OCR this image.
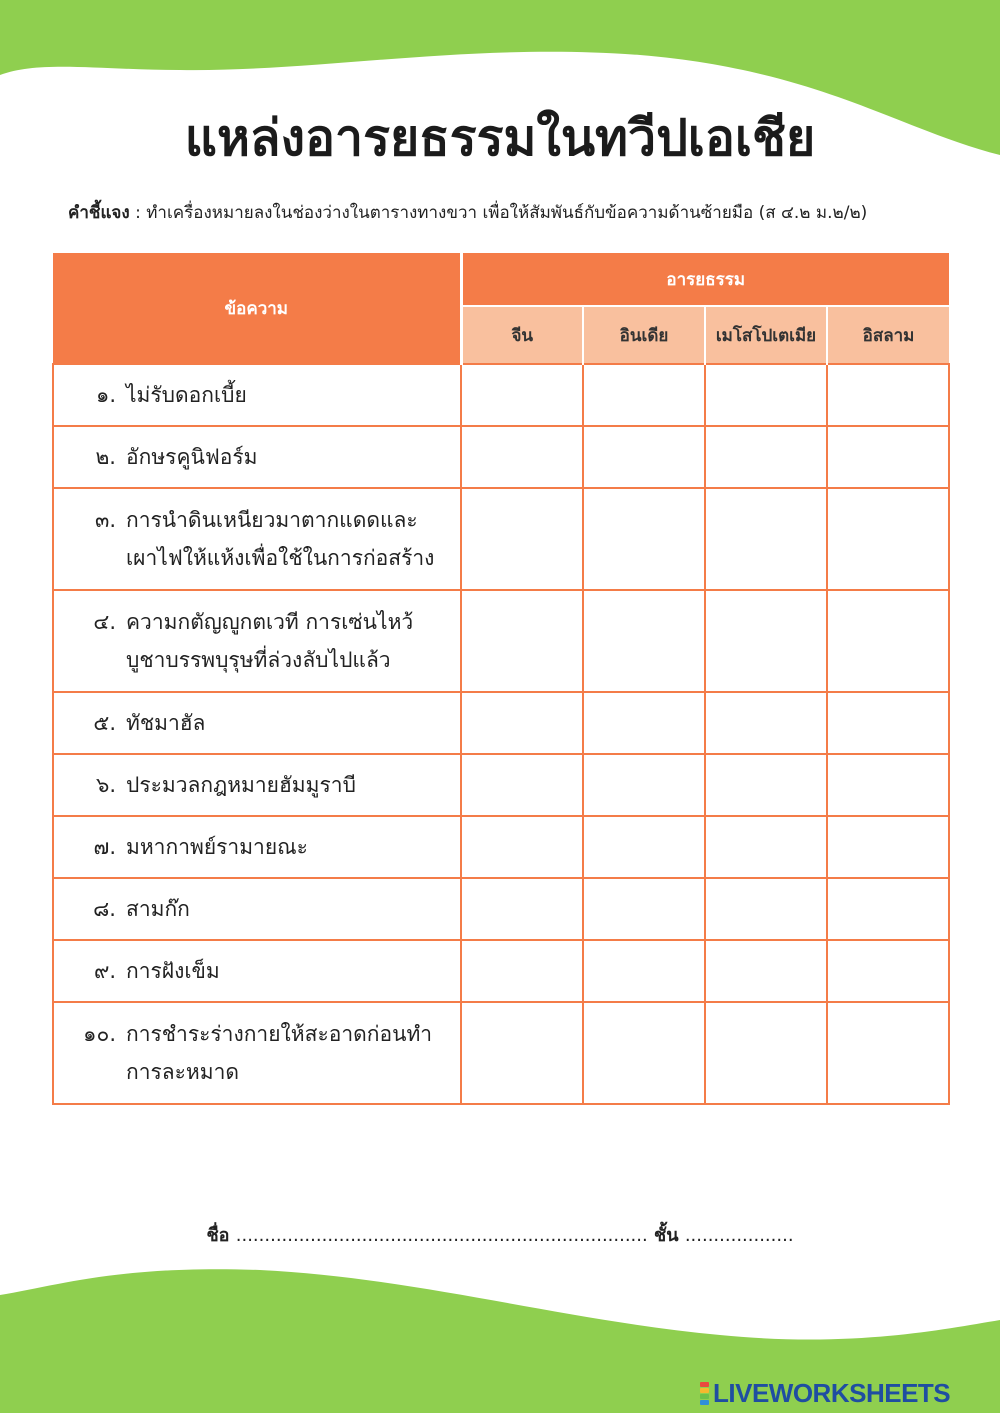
แหล่งอารยธรรมในทวีปเอเชีย
คำชี้แจง : ทำเครื่องหมายลงในช่องว่างในตารางทางขวา เพื่อให้สัมพันธ์กับข้อความด้านซ้ายมือ (ส ๔.๒ ม.๒/๒)
ข้อความ	อารยธรรม			
	จีน	อินเดีย	เมโสโปเตเมีย	อิสลาม

๑. ไม่รับดอกเบี้ย				

๒. อักษรคูนิฟอร์ม				

๓. การนำดินเหนียวมาตากแดดและ
เผาไฟให้แห้งเพื่อใช้ในการก่อสร้าง				

๔. ความกตัญญูกตเวที การเซ่นไหว้
บูชาบรรพบุรุษที่ล่วงลับไปแล้ว				

๕. ทัชมาฮัล				

๖. ประมวลกฎหมายฮัมมูราบี				

๗. มหากาพย์รามายณะ				

๘. สามก๊ก				

๙. การฝังเข็ม				

๑๐. การชำระร่างกายให้สะอาดก่อนทำ
การละหมาด				

ชื่อ ........................................................................ ชั้น ...................
LIVEWORKSHEETS
